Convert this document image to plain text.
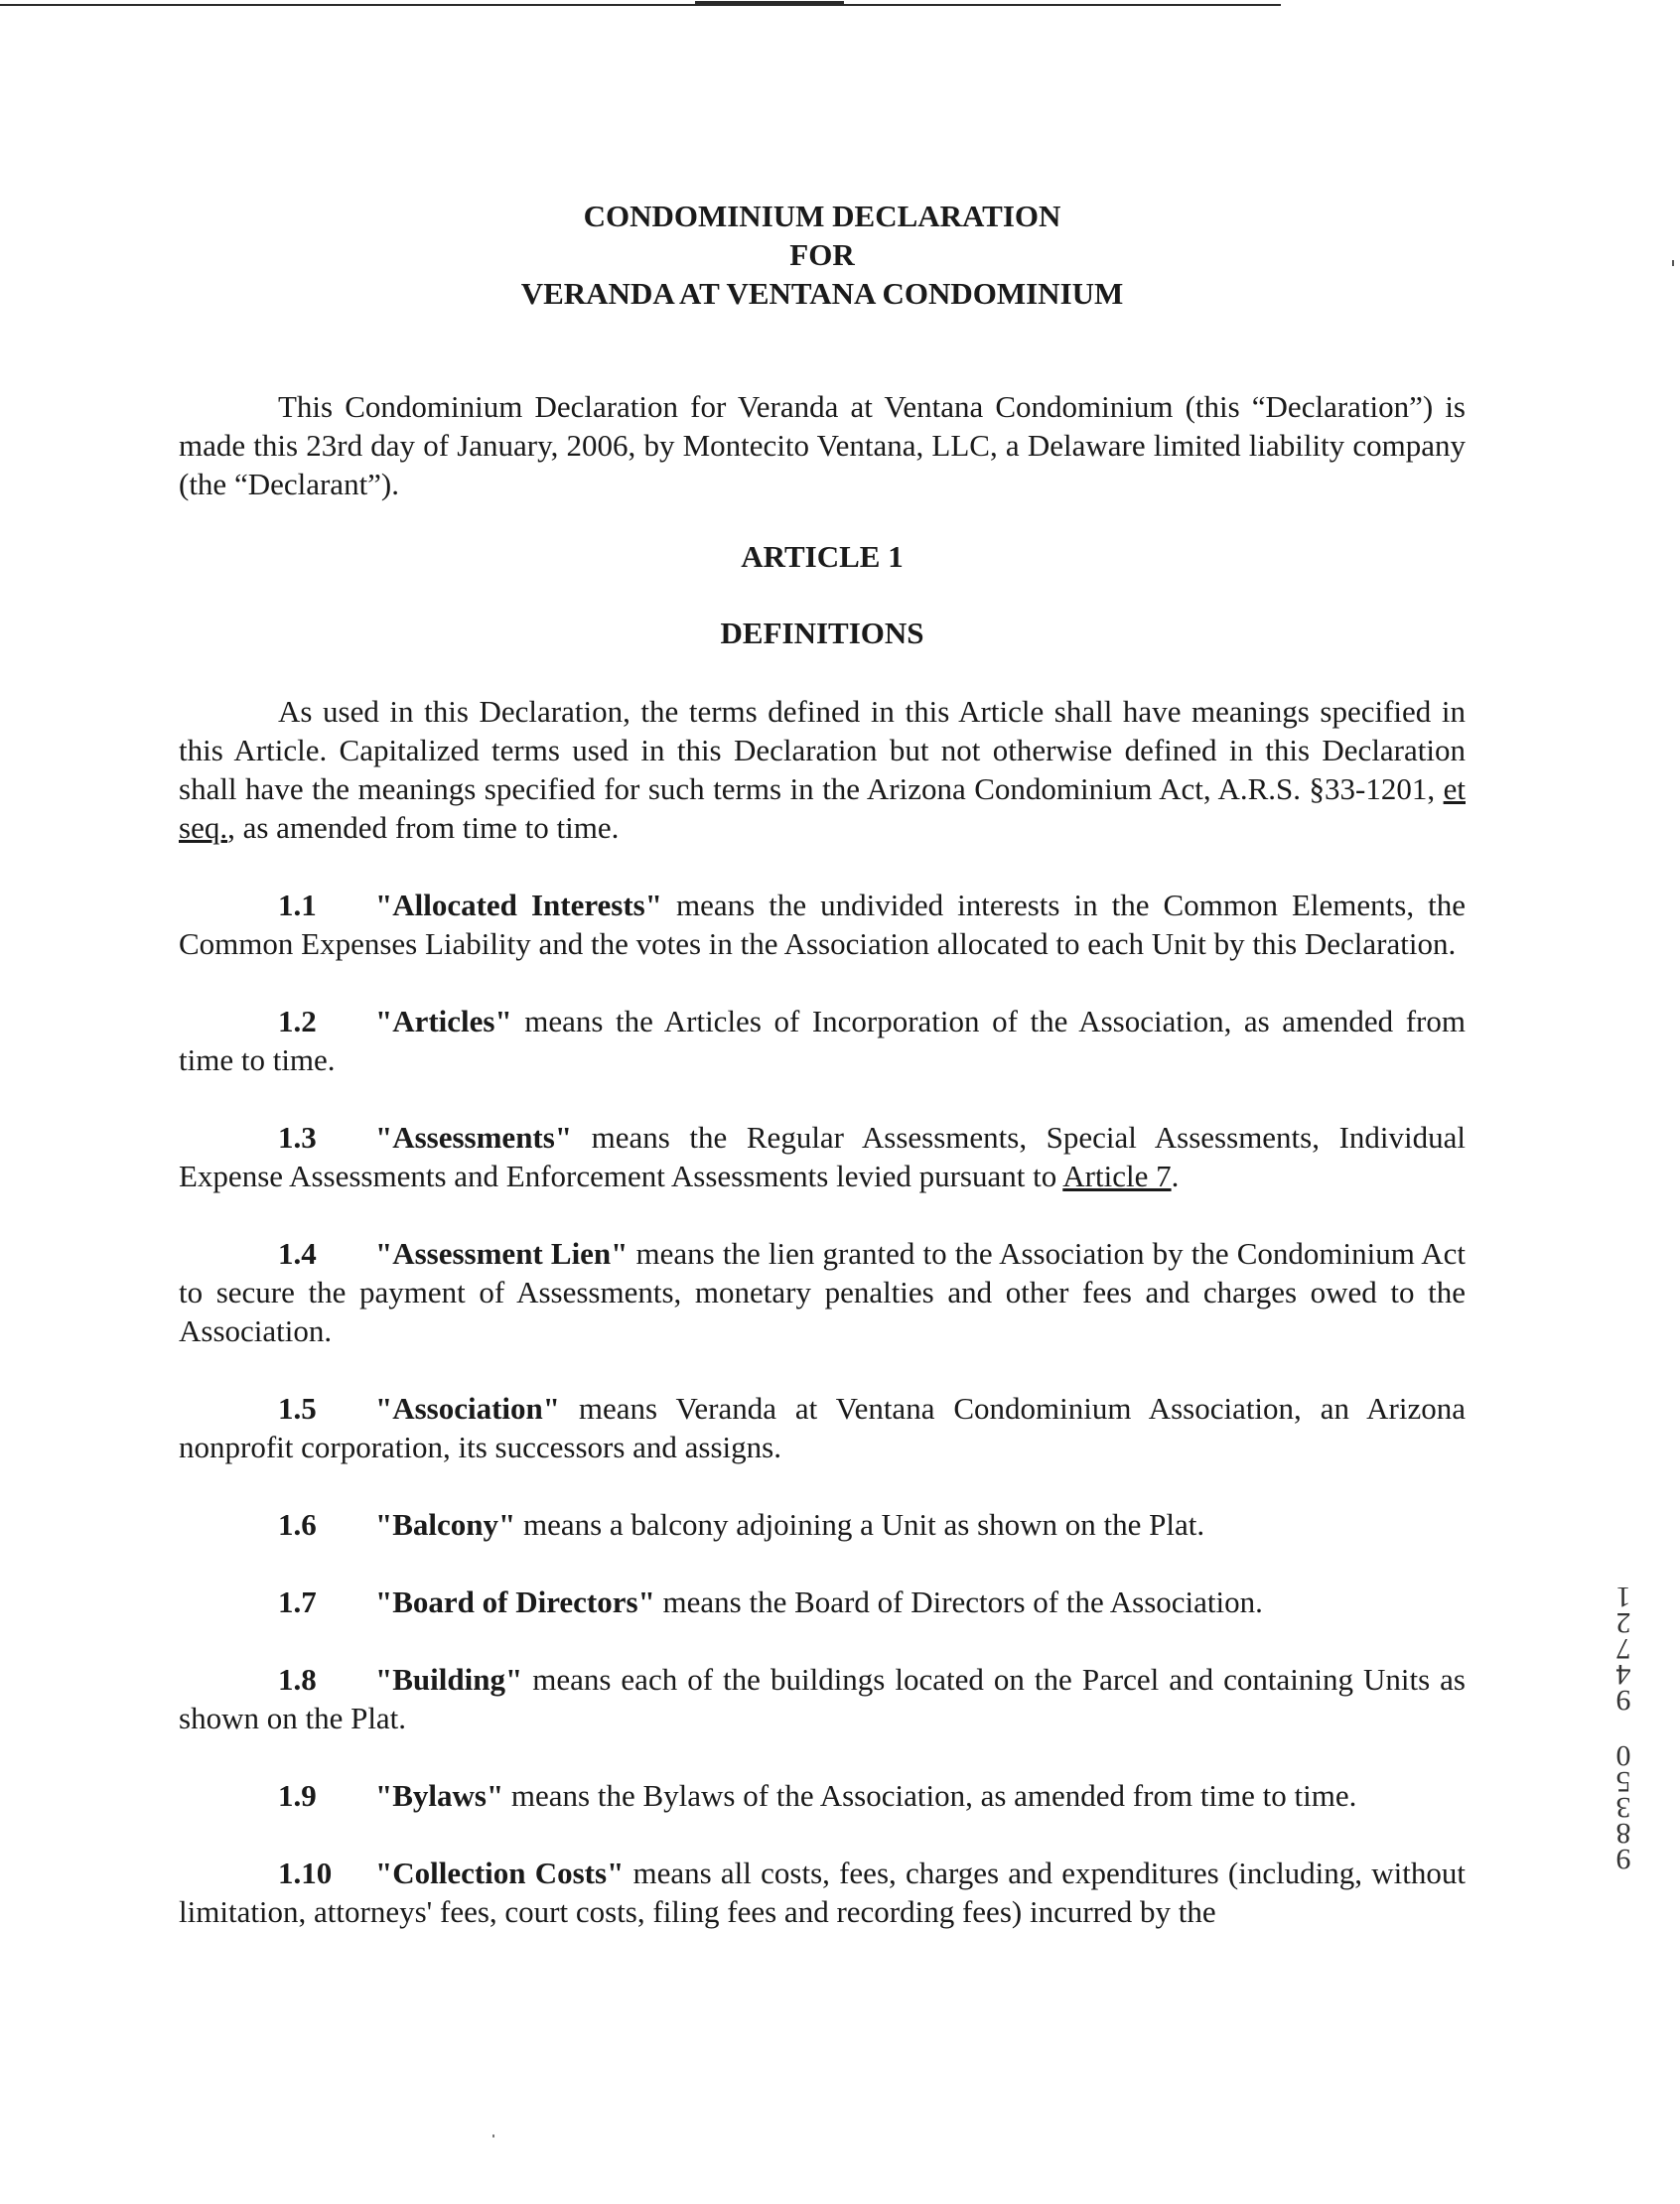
CONDOMINIUM DECLARATION
FOR
VERANDA AT VENTANA CONDOMINIUM

This Condominium Declaration for Veranda at Ventana Condominium (this “Declaration”) is made this 23rd day of January, 2006, by Montecito Ventana, LLC, a Delaware limited liability company (the “Declarant”).

ARTICLE 1
DEFINITIONS

As used in this Declaration, the terms defined in this Article shall have meanings specified in this Article. Capitalized terms used in this Declaration but not otherwise defined in this Declaration shall have the meanings specified for such terms in the Arizona Condominium Act, A.R.S. §33-1201, et seq., as amended from time to time.

1.1 "Allocated Interests" means the undivided interests in the Common Elements, the Common Expenses Liability and the votes in the Association allocated to each Unit by this Declaration.

1.2 "Articles" means the Articles of Incorporation of the Association, as amended from time to time.

1.3 "Assessments" means the Regular Assessments, Special Assessments, Individual Expense Assessments and Enforcement Assessments levied pursuant to Article 7.

1.4 "Assessment Lien" means the lien granted to the Association by the Condominium Act to secure the payment of Assessments, monetary penalties and other fees and charges owed to the Association.

1.5 "Association" means Veranda at Ventana Condominium Association, an Arizona nonprofit corporation, its successors and assigns.

1.6 "Balcony" means a balcony adjoining a Unit as shown on the Plat.

1.7 "Board of Directors" means the Board of Directors of the Association.

1.8 "Building" means each of the buildings located on the Parcel and containing Units as shown on the Plat.

1.9 "Bylaws" means the Bylaws of the Association, as amended from time to time.

1.10 "Collection Costs" means all costs, fees, charges and expenditures (including, without limitation, attorneys' fees, court costs, filing fees and recording fees) incurred by the

9
8
3
5
0
9
4
7
2
1
